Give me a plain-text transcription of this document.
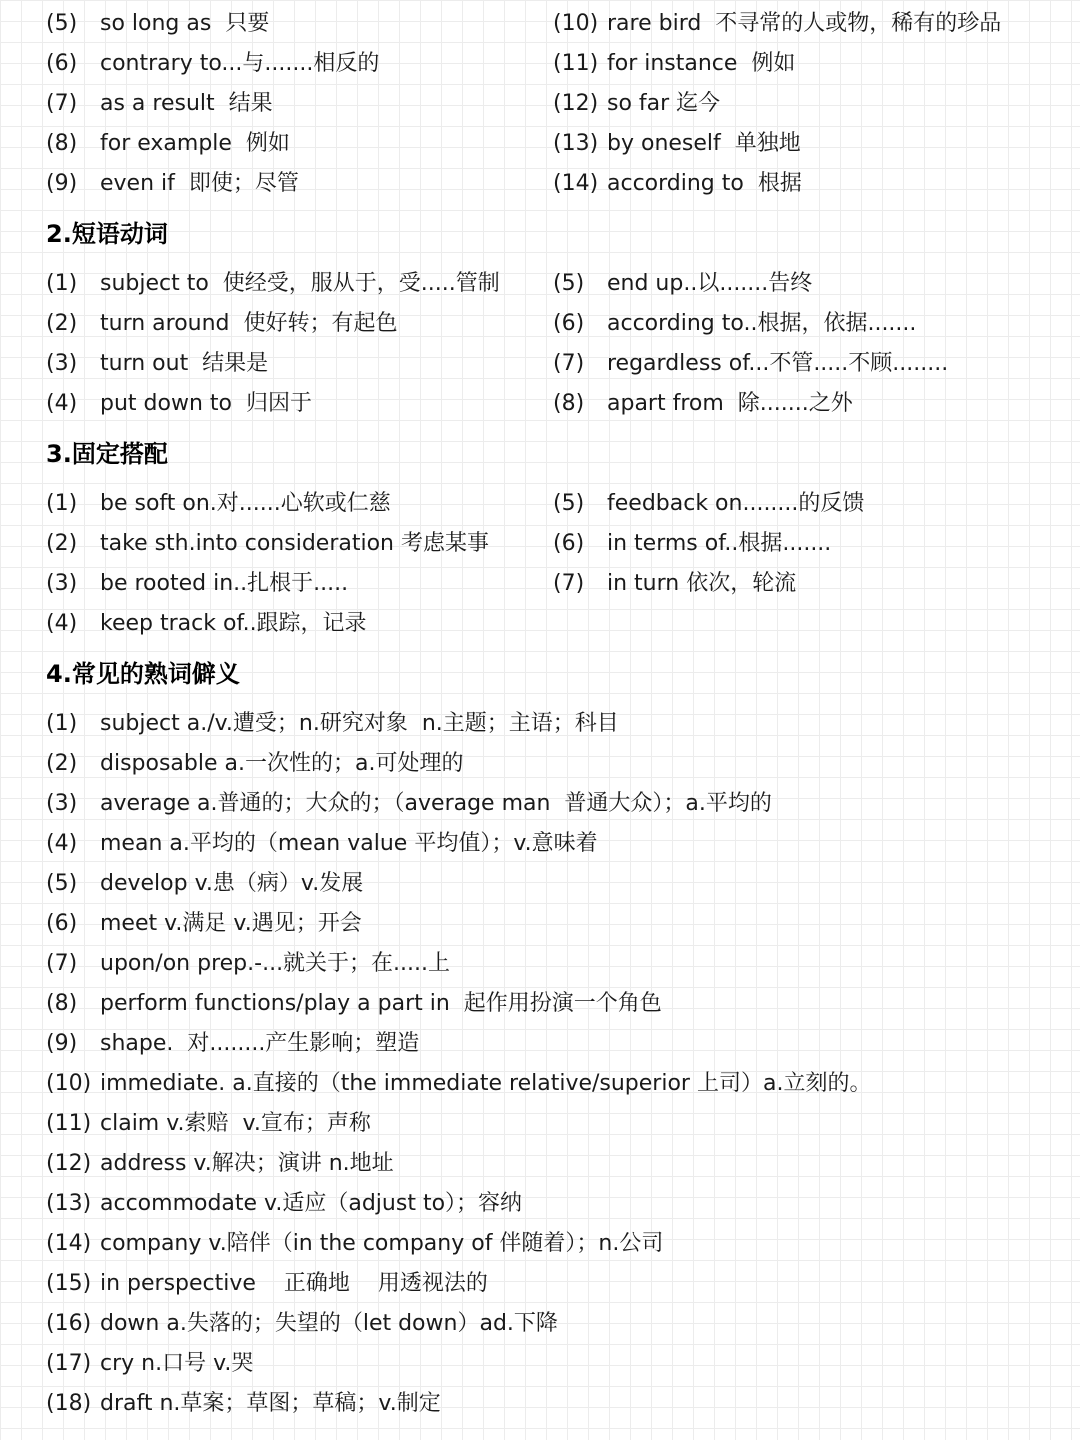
(5) so long as  只要
(6) contrary to...与.......相反的
(7) as a result  结果
(8) for example  例如
(9) even if  即使；尽管
(10) rare bird  不寻常的人或物，稀有的珍品
(11) for instance  例如
(12) so far 迄今
(13) by oneself  单独地
(14) according to  根据
2.短语动词
(1) subject to  使经受，服从于，受.....管制
(2) turn around  使好转；有起色
(3) turn out  结果是
(4) put down to  归因于
(5) end up..以.......告终
(6) according to..根据，依据.......
(7) regardless of...不管.....不顾........
(8) apart from  除.......之外
3.固定搭配
(1) be soft on.对......心软或仁慈
(2) take sth.into consideration 考虑某事
(3) be rooted in..扎根于.....
(4) keep track of..跟踪，记录
(5) feedback on........的反馈
(6) in terms of..根据.......
(7) in turn 依次，轮流
4.常见的熟词僻义
(1) subject a./v.遭受；n.研究对象  n.主题；主语；科目
(2) disposable a.一次性的；a.可处理的
(3) average a.普通的；大众的；（average man  普通大众）；a.平均的
(4) mean a.平均的（mean value 平均值）；v.意味着
(5) develop v.患（病）v.发展
(6) meet v.满足 v.遇见；开会
(7) upon/on prep.-...就关于；在.....上
(8) perform functions/play a part in  起作用扮演一个角色
(9) shape.  对........产生影响；塑造
(10) immediate. a.直接的（the immediate relative/superior 上司）a.立刻的。
(11) claim v.索赔  v.宣布；声称
(12) address v.解决；演讲 n.地址
(13) accommodate v.适应（adjust to）；容纳
(14) company v.陪伴（in the company of 伴随着）；n.公司
(15) in perspective    正确地    用透视法的
(16) down a.失落的；失望的（let down）ad.下降
(17) cry n.口号 v.哭
(18) draft n.草案；草图；草稿；v.制定
